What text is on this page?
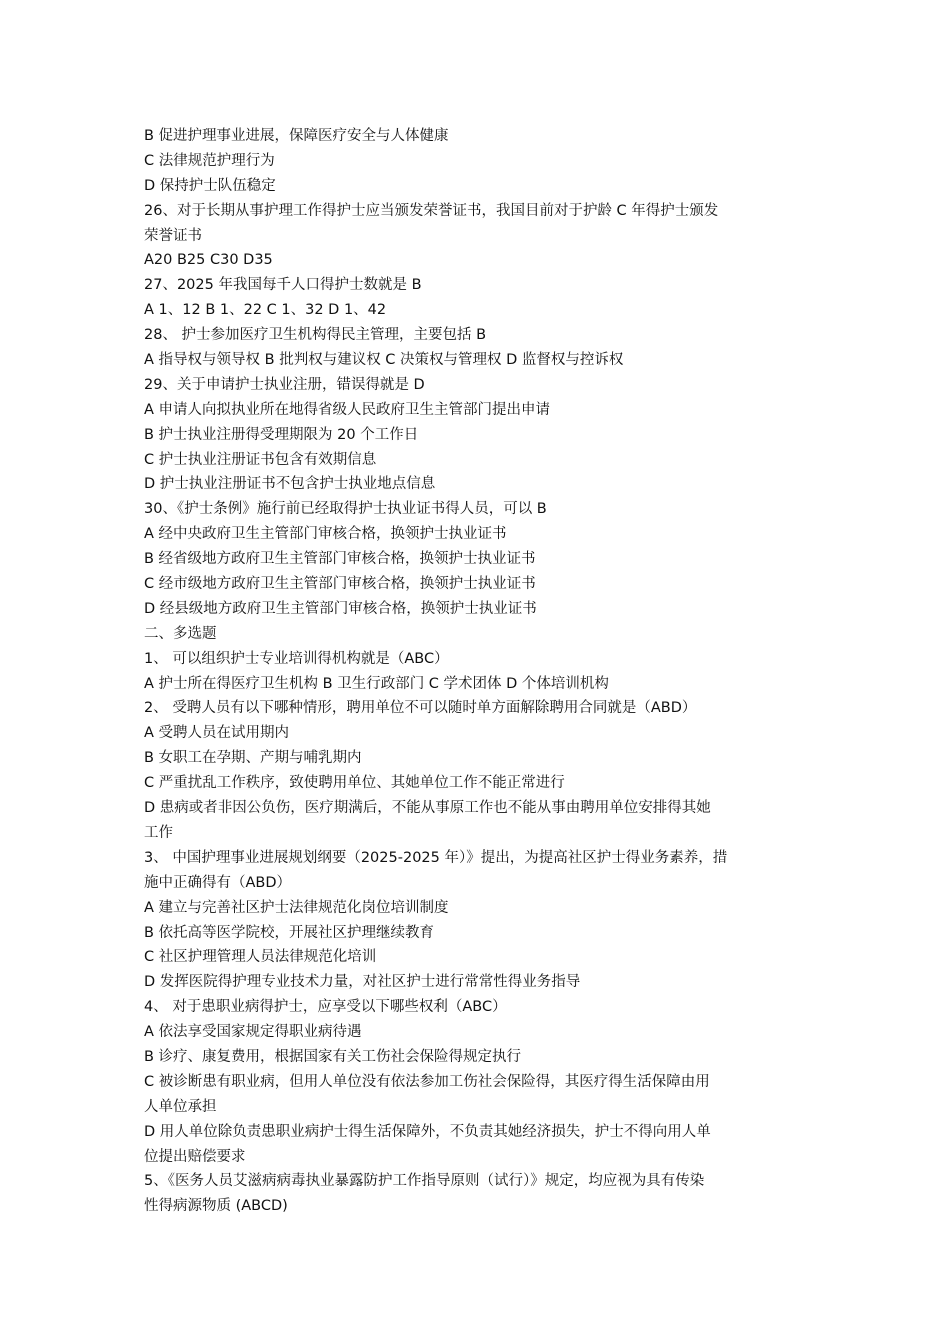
B 促进护理事业进展，保障医疗安全与人体健康
C 法律规范护理行为
D 保持护士队伍稳定
26、对于长期从事护理工作得护士应当颁发荣誉证书，我国目前对于护龄 C 年得护士颁发
荣誉证书
A20 B25 C30 D35
27、2025 年我国每千人口得护士数就是 B
A 1、12 B 1、22 C 1、32 D 1、42
28、 护士参加医疗卫生机构得民主管理，主要包括 B
A 指导权与领导权 B 批判权与建议权 C 决策权与管理权 D 监督权与控诉权
29、关于申请护士执业注册，错误得就是 D
A 申请人向拟执业所在地得省级人民政府卫生主管部门提出申请
B 护士执业注册得受理期限为 20 个工作日
C 护士执业注册证书包含有效期信息
D 护士执业注册证书不包含护士执业地点信息
30、《护士条例》施行前已经取得护士执业证书得人员，可以 B
A 经中央政府卫生主管部门审核合格，换领护士执业证书
B 经省级地方政府卫生主管部门审核合格，换领护士执业证书
C 经市级地方政府卫生主管部门审核合格，换领护士执业证书
D 经县级地方政府卫生主管部门审核合格，换领护士执业证书
二、多选题
1、 可以组织护士专业培训得机构就是（ABC）
A 护士所在得医疗卫生机构 B 卫生行政部门 C 学术团体 D 个体培训机构
2、 受聘人员有以下哪种情形，聘用单位不可以随时单方面解除聘用合同就是（ABD）
A 受聘人员在试用期内
B 女职工在孕期、产期与哺乳期内
C 严重扰乱工作秩序，致使聘用单位、其她单位工作不能正常进行
D 患病或者非因公负伤，医疗期满后，不能从事原工作也不能从事由聘用单位安排得其她
工作
3、 中国护理事业进展规划纲要（2025-2025 年）》提出，为提高社区护士得业务素养，措
施中正确得有（ABD）
A 建立与完善社区护士法律规范化岗位培训制度
B 依托高等医学院校，开展社区护理继续教育
C 社区护理管理人员法律规范化培训
D 发挥医院得护理专业技术力量，对社区护士进行常常性得业务指导
4、 对于患职业病得护士，应享受以下哪些权利（ABC）
A 依法享受国家规定得职业病待遇
B 诊疗、康复费用，根据国家有关工伤社会保险得规定执行
C 被诊断患有职业病，但用人单位没有依法参加工伤社会保险得，其医疗得生活保障由用
人单位承担
D 用人单位除负责患职业病护士得生活保障外，不负责其她经济损失，护士不得向用人单
位提出赔偿要求
5、《医务人员艾滋病病毒执业暴露防护工作指导原则（试行）》规定，均应视为具有传染
性得病源物质 (ABCD)
